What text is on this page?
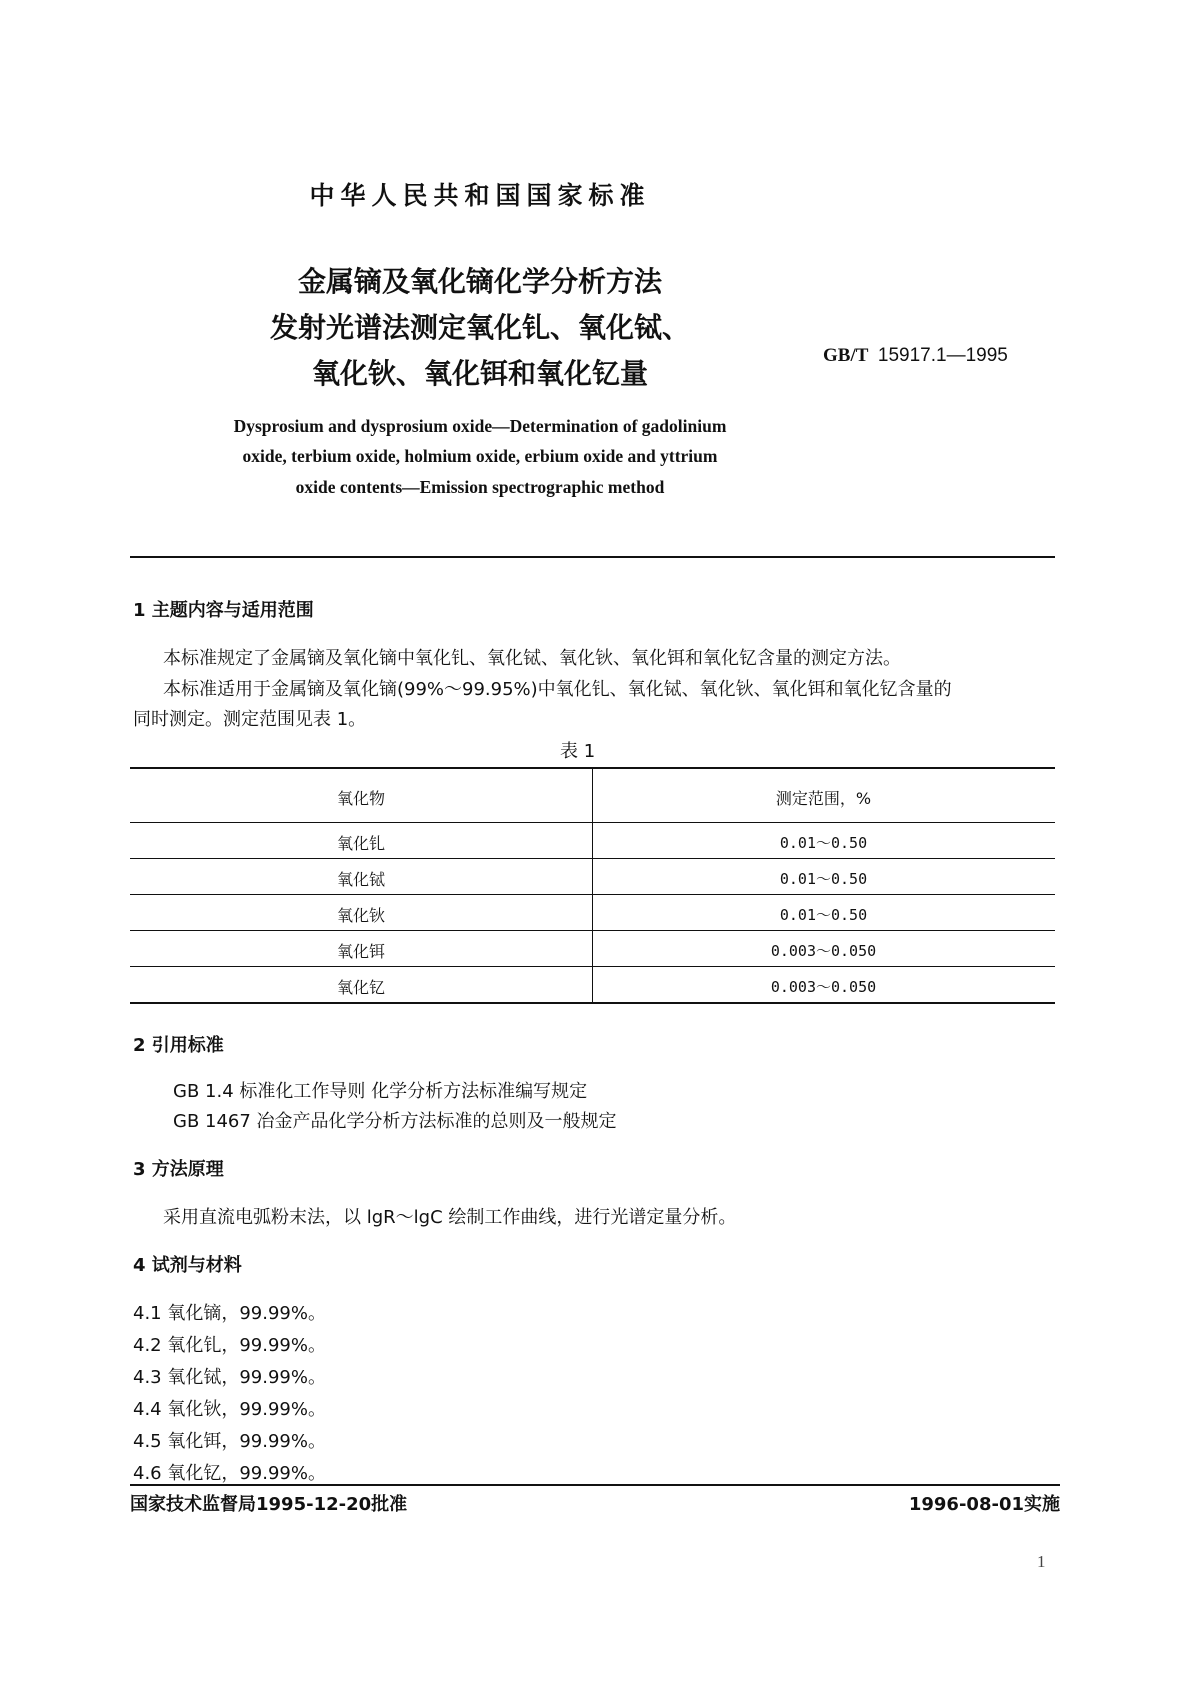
中华人民共和国国家标准
金属镝及氧化镝化学分析方法
发射光谱法测定氧化钆、氧化铽、
氧化钬、氧化铒和氧化钇量
GB/T 15917.1—1995
Dysprosium and dysprosium oxide—Determination of gadolinium
oxide, terbium oxide, holmium oxide, erbium oxide and yttrium
oxide contents—Emission spectrographic method
1 主题内容与适用范围
本标准规定了金属镝及氧化镝中氧化钆、氧化铽、氧化钬、氧化铒和氧化钇含量的测定方法。
本标准适用于金属镝及氧化镝(99%～99.95%)中氧化钆、氧化铽、氧化钬、氧化铒和氧化钇含量的
同时测定。测定范围见表 1。
表 1
氧化物	测定范围，%
氧化钆	0.01～0.50
氧化铽	0.01～0.50
氧化钬	0.01～0.50
氧化铒	0.003～0.050
氧化钇	0.003～0.050
2 引用标准
GB 1.4 标准化工作导则 化学分析方法标准编写规定
GB 1467 冶金产品化学分析方法标准的总则及一般规定
3 方法原理
采用直流电弧粉末法，以 lgR～lgC 绘制工作曲线，进行光谱定量分析。
4 试剂与材料
4.1 氧化镝，99.99%。
4.2 氧化钆，99.99%。
4.3 氧化铽，99.99%。
4.4 氧化钬，99.99%。
4.5 氧化铒，99.99%。
4.6 氧化钇，99.99%。
国家技术监督局1995-12-20批准	1996-08-01实施
1
